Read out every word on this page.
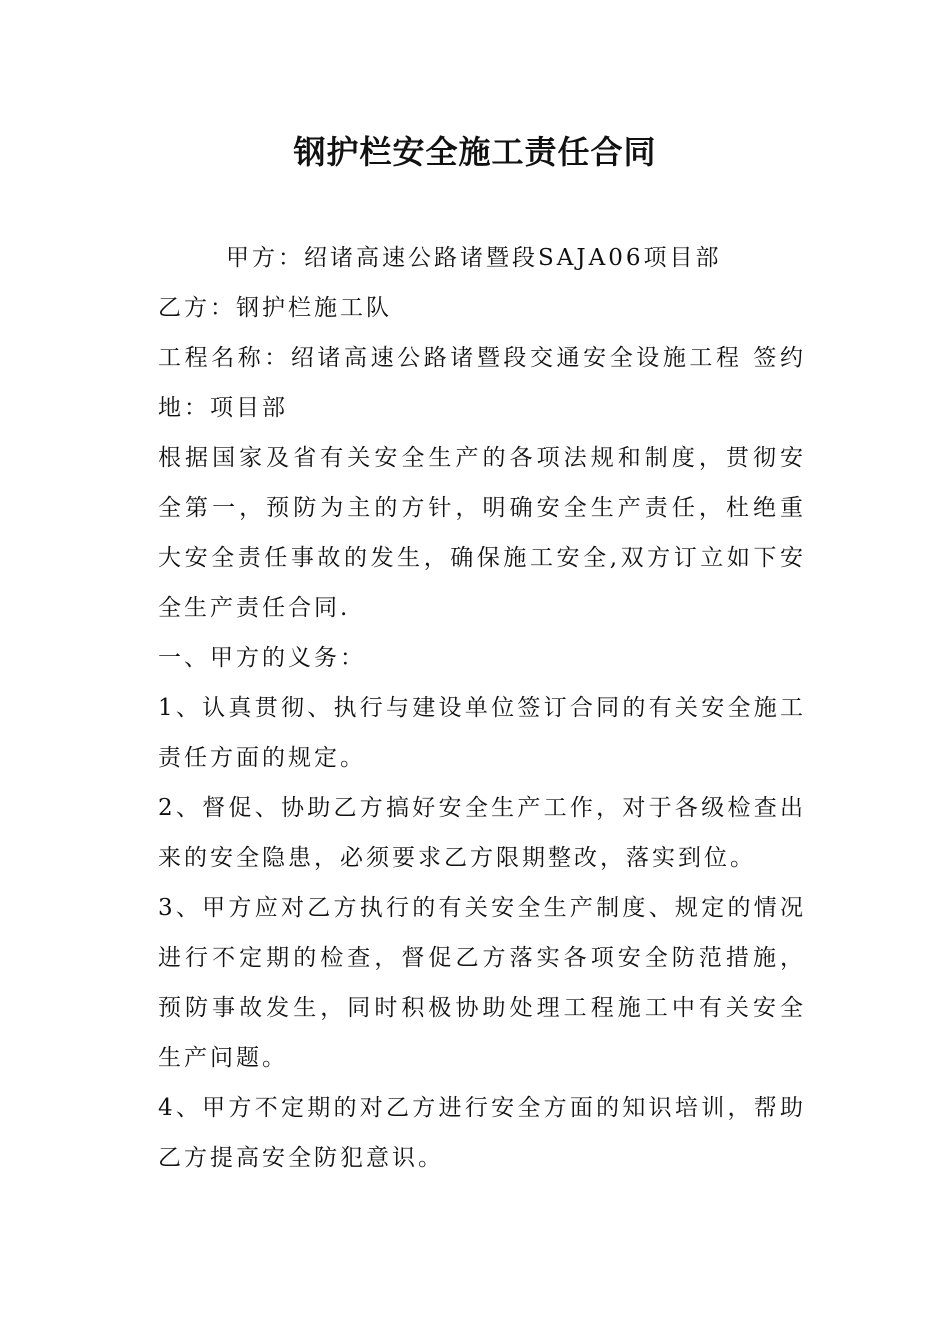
钢护栏安全施工责任合同

甲方：绍诸高速公路诸暨段SAJA06项目部

乙方：钢护栏施工队

工程名称：绍诸高速公路诸暨段交通安全设施工程 签约地：项目部

根据国家及省有关安全生产的各项法规和制度，贯彻安全第一，预防为主的方针，明确安全生产责任，杜绝重大安全责任事故的发生，确保施工安全,双方订立如下安全生产责任合同.

一、甲方的义务：

1、认真贯彻、执行与建设单位签订合同的有关安全施工责任方面的规定。

2、督促、协助乙方搞好安全生产工作，对于各级检查出来的安全隐患，必须要求乙方限期整改，落实到位。

3、甲方应对乙方执行的有关安全生产制度、规定的情况进行不定期的检查，督促乙方落实各项安全防范措施，预防事故发生，同时积极协助处理工程施工中有关安全生产问题。

4、甲方不定期的对乙方进行安全方面的知识培训，帮助乙方提高安全防犯意识。
